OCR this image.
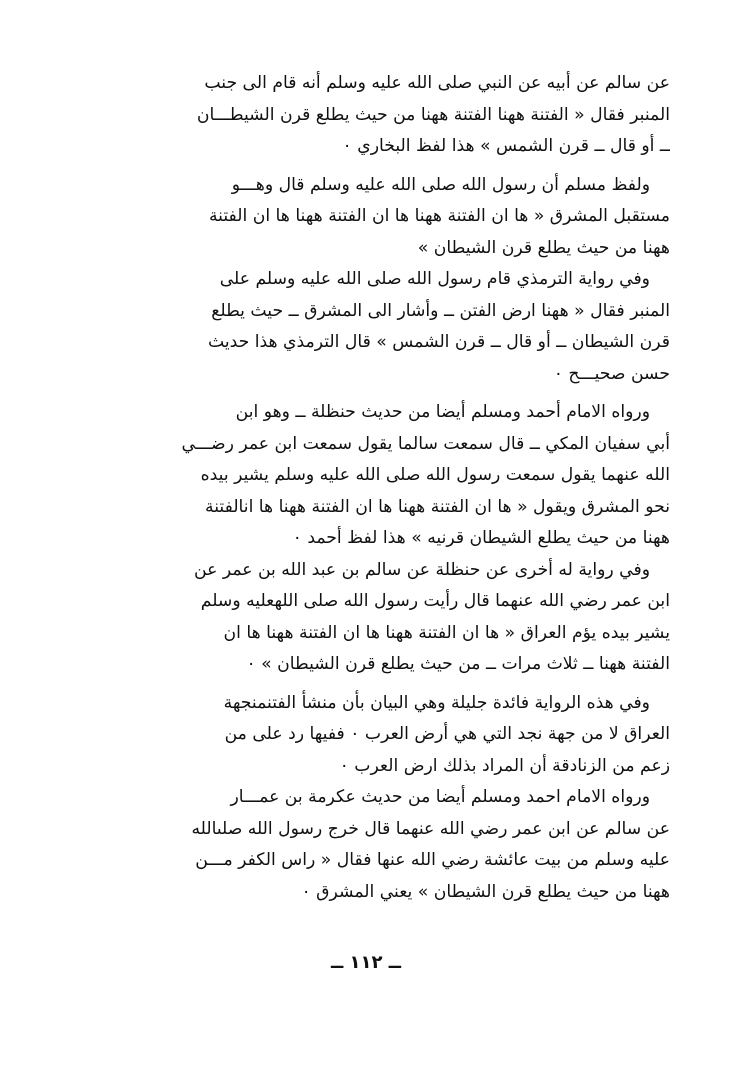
عن سالم عن أبيه عن النبي صلى الله عليه وسلم أنه قام الى جنب
المنبر فقال « الفتنة ههنا الفتنة ههنا من حيث يطلع قرن الشيطـــان
ــ أو قال ــ قرن الشمس » هذا لفظ البخاري ٠
ولفظ مسلم أن رسول الله صلى الله عليه وسلم قال وهـــو
مستقبل المشرق « ها ان الفتنة ههنا ها ان الفتنة ههنا ها ان الفتنة
ههنا من حيث يطلع قرن الشيطان »
وفي رواية الترمذي قام رسول الله صلى الله عليه وسلم على
المنبر فقال « ههنا ارض الفتن ــ وأشار الى المشرق ــ حيث يطلع
قرن الشيطان ــ أو قال ــ قرن الشمس » قال الترمذي هذا حديث
حسن صحيـــح ٠
ورواه الامام أحمد ومسلم أيضا من حديث حنظلة ــ وهو ابن
أبي سفيان المكي ــ قال سمعت سالما يقول سمعت ابن عمر رضـــي
الله عنهما يقول سمعت رسول الله صلى الله عليه وسلم يشير بيده
نحو المشرق ويقول « ها ان الفتنة ههنا ها ان الفتنة ههنا ها انالفتنة
ههنا من حيث يطلع الشيطان قرنيه » هذا لفظ أحمد ٠
وفي رواية له أخرى عن حنظلة عن سالم بن عبد الله بن عمر عن
ابن عمر رضي الله عنهما قال رأيت رسول الله صلى اللهعليه وسلم
يشير بيده يؤم العراق « ها ان الفتنة ههنا ها ان الفتنة ههنا ها ان
الفتنة ههنا ــ ثلاث مرات ــ من حيث يطلع قرن الشيطان » ٠
وفي هذه الرواية فائدة جليلة وهي البيان بأن منشأ الفتنمنجهة
العراق لا من جهة نجد التي هي أرض العرب ٠ ففيها رد على من
زعم من الزنادقة أن المراد بذلك ارض العرب ٠
ورواه الامام احمد ومسلم أيضا من حديث عكرمة بن عمـــار
عن سالم عن ابن عمر رضي الله عنهما قال خرج رسول الله صلىالله
عليه وسلم من بيت عائشة رضي الله عنها فقال « راس الكفر مـــن
ههنا من حيث يطلع قرن الشيطان » يعني المشرق ٠
ــ ١١٢ ــ
